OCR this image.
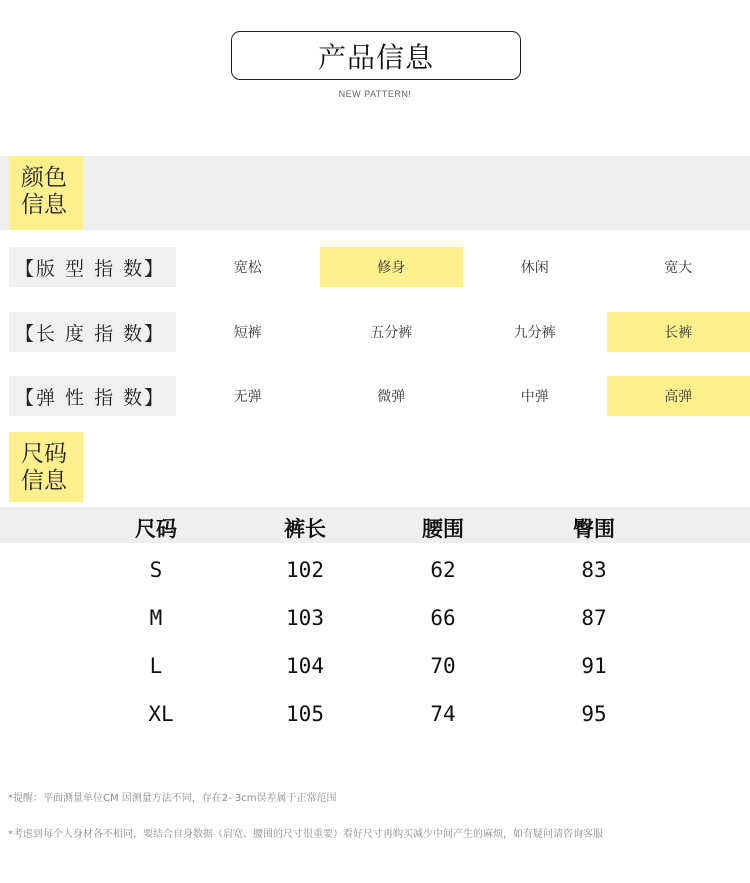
产品信息
NEW PATTERN!
颜色
信息
【版 型 指 数】	宽松	修身	休闲	宽大
【长 度 指 数】	短裤	五分裤	九分裤	长裤
【弹 性 指 数】	无弹	微弹	中弹	高弹
尺码
信息
尺码	裤长	腰围	臀围
S	102	62	83
M	103	66	87
L	104	70	91
XL	105	74	95
*提醒：平面测量单位CM 因测量方法不同，存在2- 3cm误差属于正常范围
*考虑到每个人身材各不相同，要结合自身数据（肩宽、腰围的尺寸很重要）看好尺寸再购买减少中间产生的麻烦，如有疑问请咨询客服
